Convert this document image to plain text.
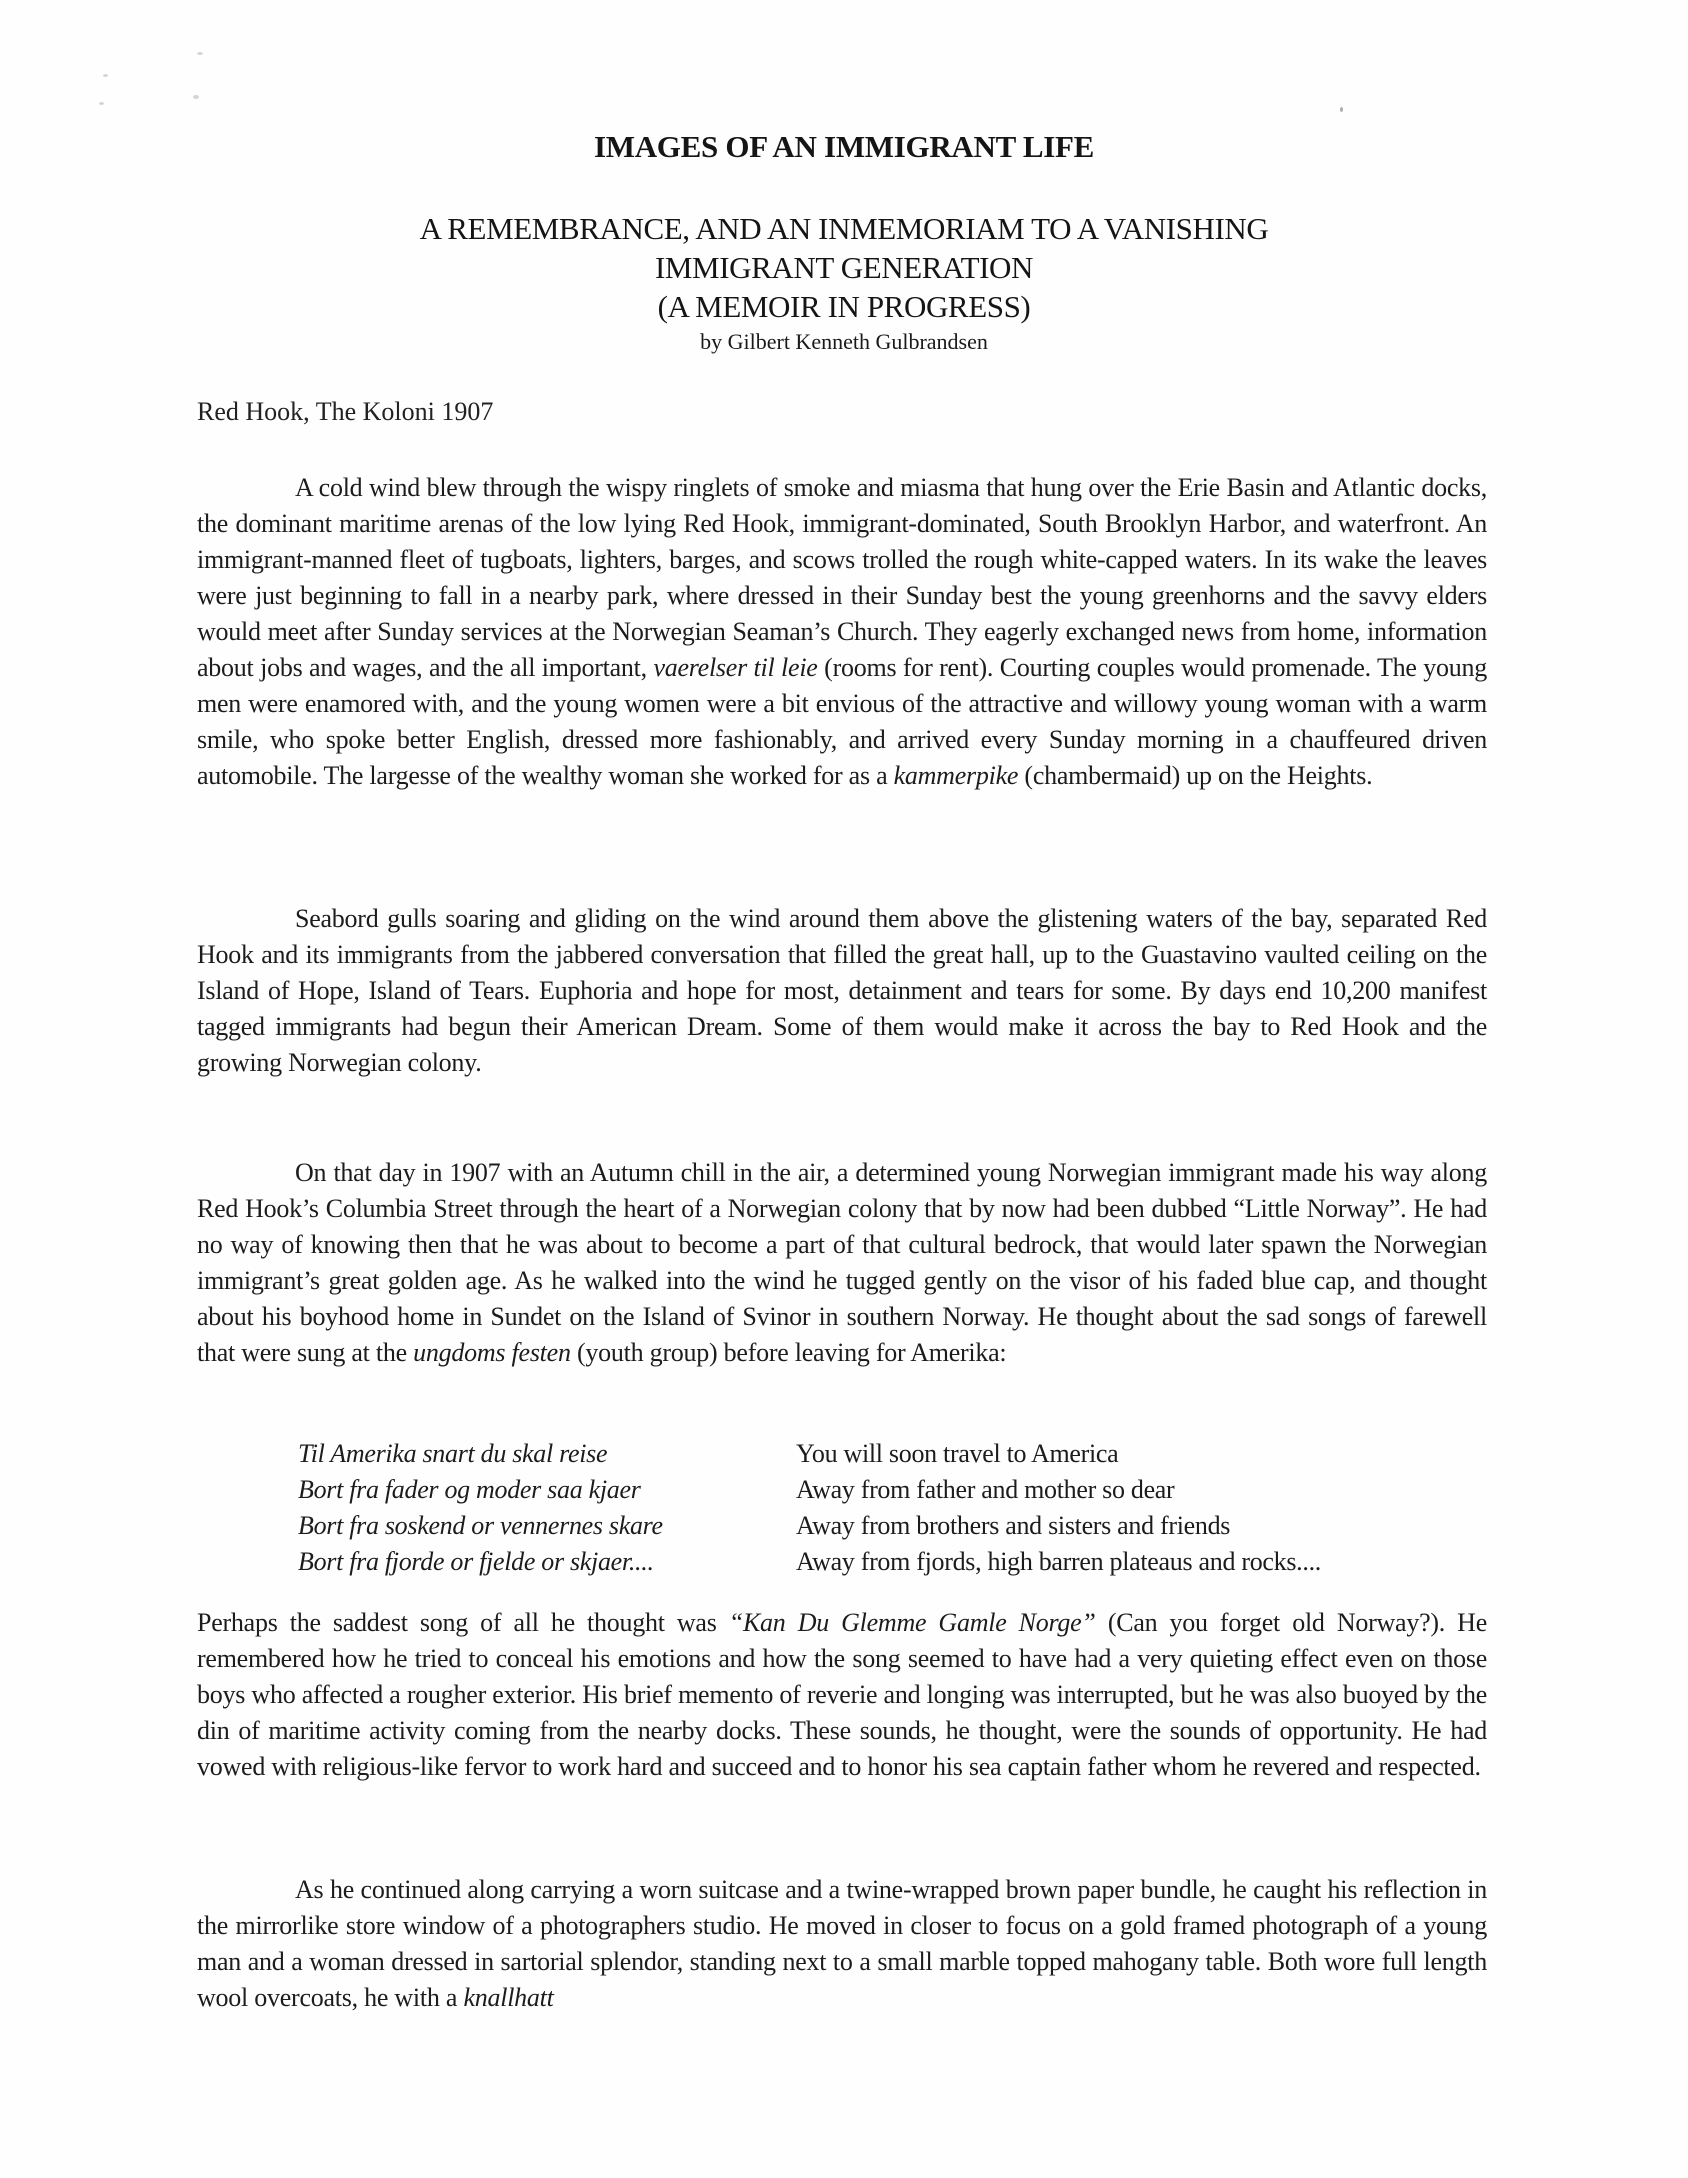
IMAGES OF AN IMMIGRANT LIFE
A REMEMBRANCE, AND AN INMEMORIAM TO A VANISHING
IMMIGRANT GENERATION
(A MEMOIR IN PROGRESS)
by Gilbert Kenneth Gulbrandsen
Red Hook, The Koloni 1907

A cold wind blew through the wispy ringlets of smoke and miasma that hung over the Erie Basin and Atlantic docks, the dominant maritime arenas of the low lying Red Hook, immigrant-dominated, South Brooklyn Harbor, and waterfront. An immigrant-manned fleet of tugboats, lighters, barges, and scows trolled the rough white-capped waters. In its wake the leaves were just beginning to fall in a nearby park, where dressed in their Sunday best the young greenhorns and the savvy elders would meet after Sunday services at the Norwegian Seaman’s Church. They eagerly exchanged news from home, information about jobs and wages, and the all important, vaerelser til leie (rooms for rent). Courting couples would promenade. The young men were enamored with, and the young women were a bit envious of the attractive and willowy young woman with a warm smile, who spoke better English, dressed more fashionably, and arrived every Sunday morning in a chauffeured driven automobile. The largesse of the wealthy woman she worked for as a kammerpike (chambermaid) up on the Heights.

Seabord gulls soaring and gliding on the wind around them above the glistening waters of the bay, separated Red Hook and its immigrants from the jabbered conversation that filled the great hall, up to the Guastavino vaulted ceiling on the Island of Hope, Island of Tears. Euphoria and hope for most, detainment and tears for some. By days end 10,200 manifest tagged immigrants had begun their American Dream. Some of them would make it across the bay to Red Hook and the growing Norwegian colony.

On that day in 1907 with an Autumn chill in the air, a determined young Norwegian immigrant made his way along Red Hook’s Columbia Street through the heart of a Norwegian colony that by now had been dubbed “Little Norway”. He had no way of knowing then that he was about to become a part of that cultural bedrock, that would later spawn the Norwegian immigrant’s great golden age. As he walked into the wind he tugged gently on the visor of his faded blue cap, and thought about his boyhood home in Sundet on the Island of Svinor in southern Norway. He thought about the sad songs of farewell that were sung at the ungdoms festen (youth group) before leaving for Amerika:

Til Amerika snart du skal reise	You will soon travel to America
Bort fra fader og moder saa kjaer	Away from father and mother so dear
Bort fra soskend or vennernes skare	Away from brothers and sisters and friends
Bort fra fjorde or fjelde or skjaer....	Away from fjords, high barren plateaus and rocks....

Perhaps the saddest song of all he thought was “Kan Du Glemme Gamle Norge” (Can you forget old Norway?). He remembered how he tried to conceal his emotions and how the song seemed to have had a very quieting effect even on those boys who affected a rougher exterior. His brief memento of reverie and longing was interrupted, but he was also buoyed by the din of maritime activity coming from the nearby docks. These sounds, he thought, were the sounds of opportunity. He had vowed with religious-like fervor to work hard and succeed and to honor his sea captain father whom he revered and respected.

As he continued along carrying a worn suitcase and a twine-wrapped brown paper bundle, he caught his reflection in the mirrorlike store window of a photographers studio. He moved in closer to focus on a gold framed photograph of a young man and a woman dressed in sartorial splendor, standing next to a small marble topped mahogany table. Both wore full length wool overcoats, he with a knallhatt
